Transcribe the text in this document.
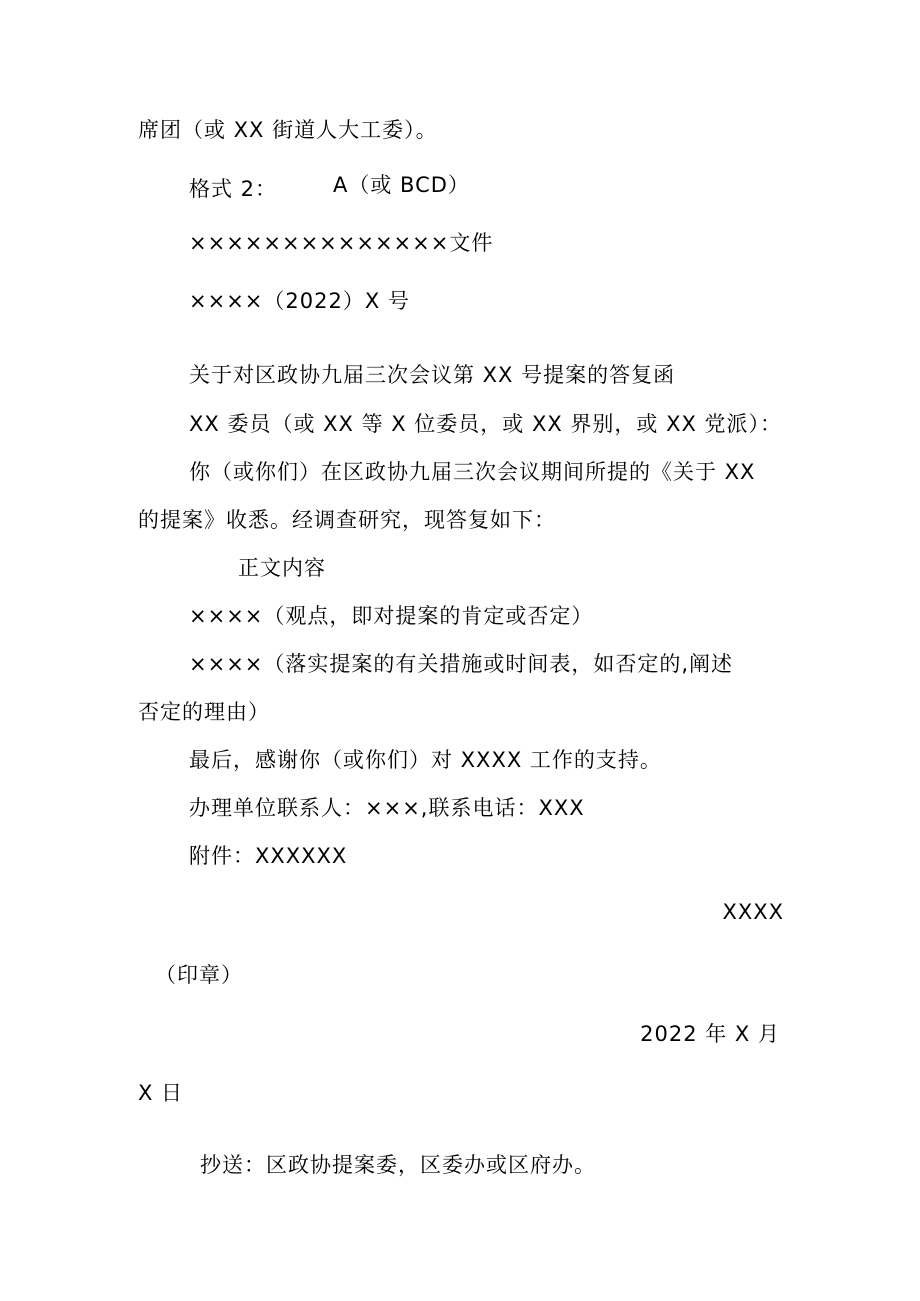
席团（或 XX 街道人大工委）。
格式 2：	A（或 BCD）
××××××××××××××文件
××××（2022）X 号
关于对区政协九届三次会议第 XX 号提案的答复函
XX 委员（或 XX 等 X 位委员，或 XX 界别，或 XX 党派）：
你（或你们）在区政协九届三次会议期间所提的《关于 XX
的提案》收悉。经调查研究，现答复如下：
正文内容
××××（观点，即对提案的肯定或否定）
××××（落实提案的有关措施或时间表，如否定的,阐述
否定的理由）
最后，感谢你（或你们）对 XXXX 工作的支持。
办理单位联系人：×××,联系电话：XXX
附件：XXXXXX
XXXX
（印章）
2022 年 X 月
X 日
抄送：区政协提案委，区委办或区府办。
